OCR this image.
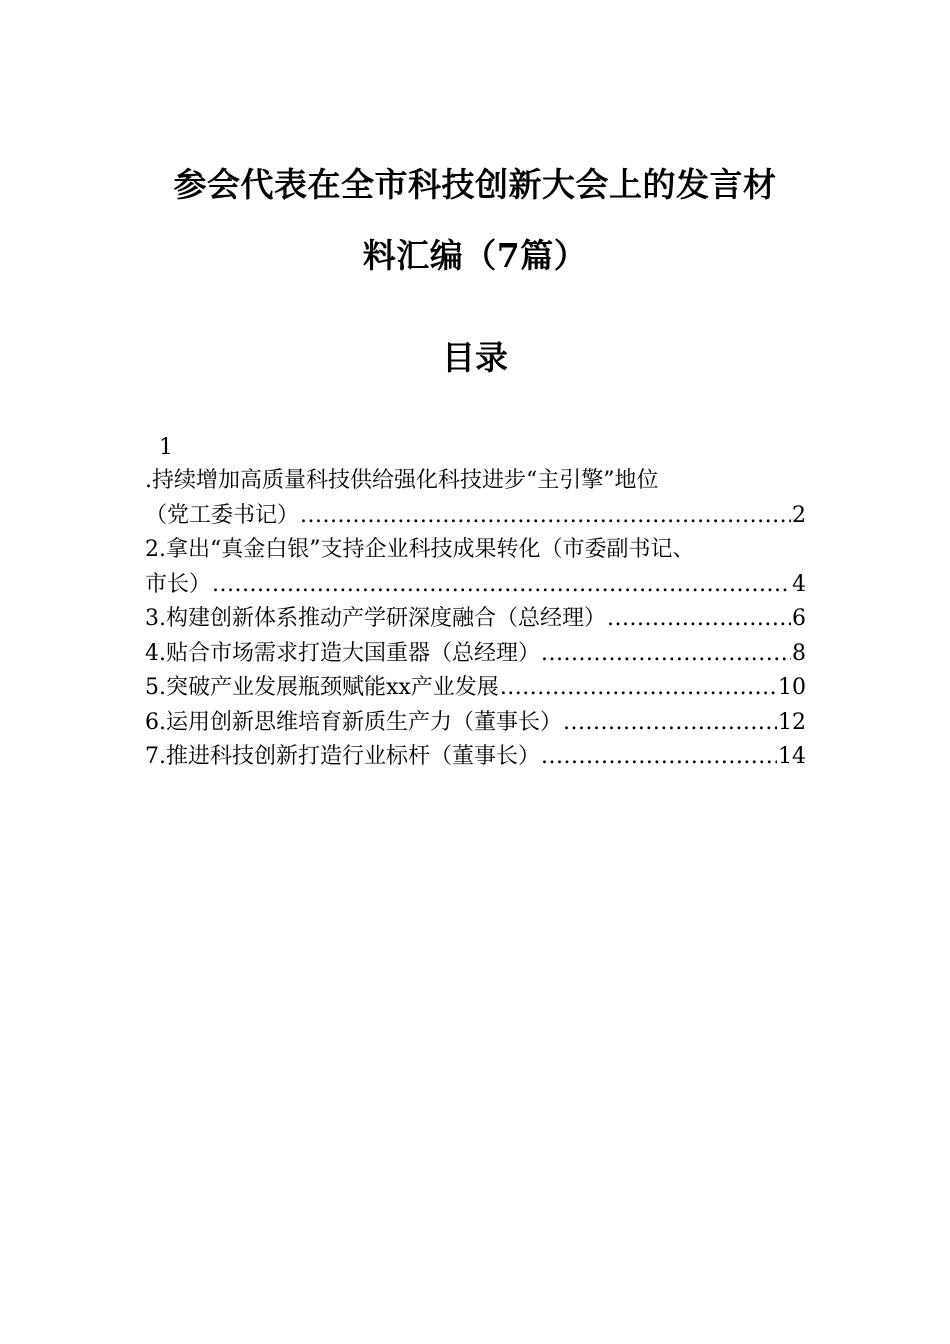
参会代表在全市科技创新大会上的发言材
料汇编（7篇）
目录
1
.持续增加高质量科技供给强化科技进步“主引擎”地位
（党工委书记） .....	2
2.拿出“真金白银”支持企业科技成果转化（市委副书记、
市长） .....	4
3.构建创新体系推动产学研深度融合（总经理） .....	6
4.贴合市场需求打造大国重器（总经理） .....	8
5.突破产业发展瓶颈赋能xx产业发展 .....	10
6.运用创新思维培育新质生产力（董事长） .....	12
7.推进科技创新打造行业标杆（董事长） .....	14
